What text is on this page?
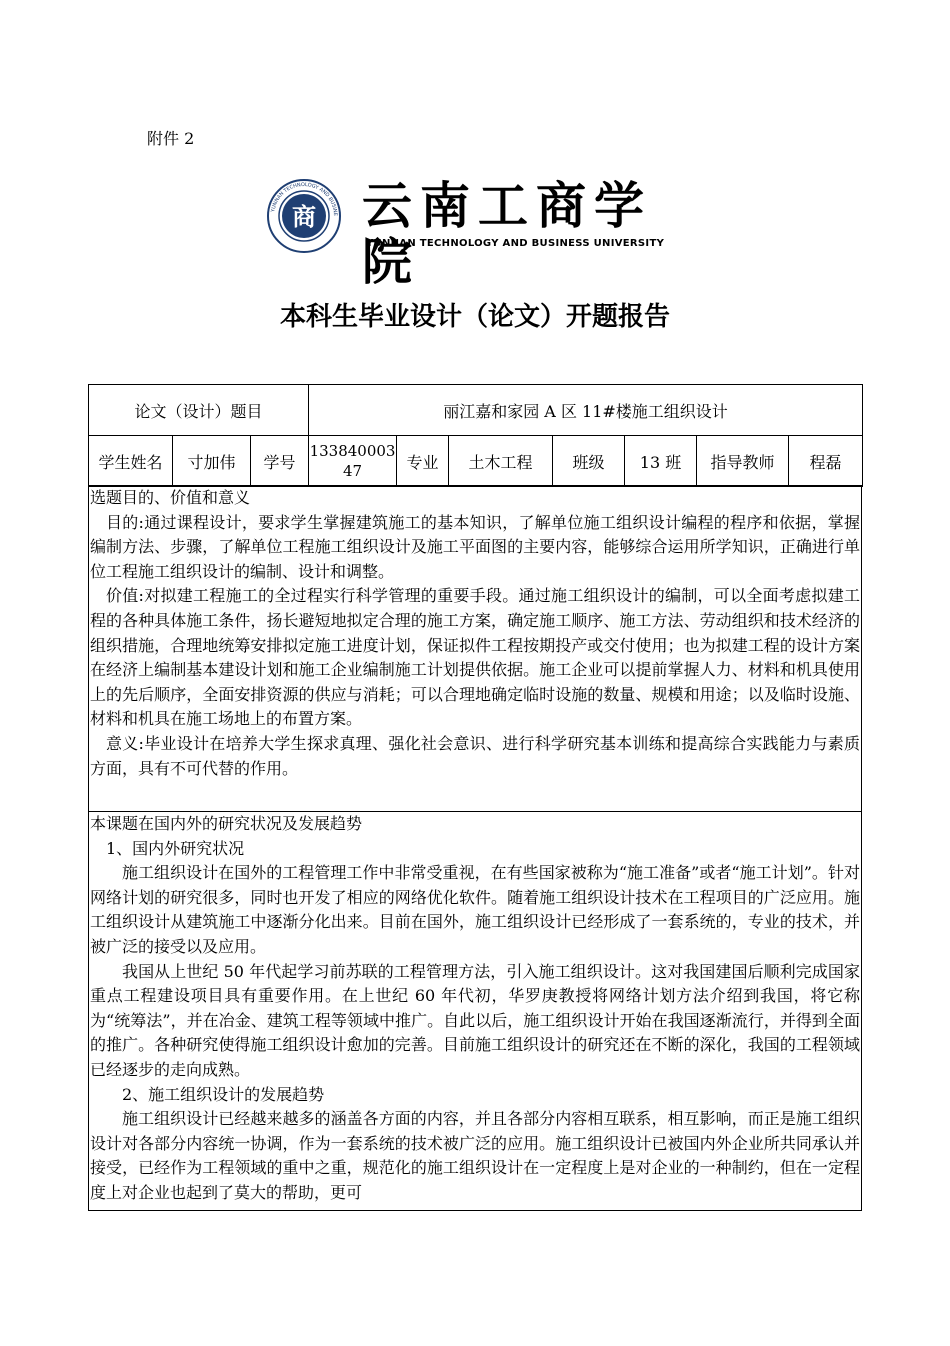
附件 2
商
YUNNAN TECHNOLOGY AND BUSINE 云南工商学院
YUNNAN TECHNOLOGY AND BUSINESS UNIVERSITY
本科生毕业设计（论文）开题报告
论文（设计）题目			丽江嘉和家园 A 区 11#楼施工组织设计						
学生姓名	寸加伟	学号	13384000347	专业	土木工程	班级	13 班	指导教师	程磊

选题目的、价值和意义

目的:通过课程设计，要求学生掌握建筑施工的基本知识，了解单位施工组织设计编程的程序和依据，掌握编制方法、步骤，了解单位工程施工组织设计及施工平面图的主要内容，能够综合运用所学知识，正确进行单位工程施工组织设计的编制、设计和调整。

价值:对拟建工程施工的全过程实行科学管理的重要手段。通过施工组织设计的编制，可以全面考虑拟建工程的各种具体施工条件，扬长避短地拟定合理的施工方案，确定施工顺序、施工方法、劳动组织和技术经济的组织措施，合理地统筹安排拟定施工进度计划，保证拟件工程按期投产或交付使用；也为拟建工程的设计方案在经济上编制基本建设计划和施工企业编制施工计划提供依据。施工企业可以提前掌握人力、材料和机具使用上的先后顺序，全面安排资源的供应与消耗；可以合理地确定临时设施的数量、规模和用途；以及临时设施、材料和机具在施工场地上的布置方案。

意义:毕业设计在培养大学生探求真理、强化社会意识、进行科学研究基本训练和提高综合实践能力与素质方面，具有不可代替的作用。

本课题在国内外的研究状况及发展趋势

1、国内外研究状况

施工组织设计在国外的工程管理工作中非常受重视，在有些国家被称为“施工准备”或者“施工计划”。针对网络计划的研究很多，同时也开发了相应的网络优化软件。随着施工组织设计技术在工程项目的广泛应用。施工组织设计从建筑施工中逐渐分化出来。目前在国外，施工组织设计已经形成了一套系统的，专业的技术，并被广泛的接受以及应用。

我国从上世纪 50 年代起学习前苏联的工程管理方法，引入施工组织设计。这对我国建国后顺利完成国家重点工程建设项目具有重要作用。在上世纪 60 年代初，华罗庚教授将网络计划方法介绍到我国，将它称为“统筹法”，并在冶金、建筑工程等领域中推广。自此以后，施工组织设计开始在我国逐渐流行，并得到全面的推广。各种研究使得施工组织设计愈加的完善。目前施工组织设计的研究还在不断的深化，我国的工程领域已经逐步的走向成熟。

2、施工组织设计的发展趋势

施工组织设计已经越来越多的涵盖各方面的内容，并且各部分内容相互联系，相互影响，而正是施工组织设计对各部分内容统一协调，作为一套系统的技术被广泛的应用。施工组织设计已被国内外企业所共同承认并接受，已经作为工程领域的重中之重，规范化的施工组织设计在一定程度上是对企业的一种制约，但在一定程度上对企业也起到了莫大的帮助，更可
